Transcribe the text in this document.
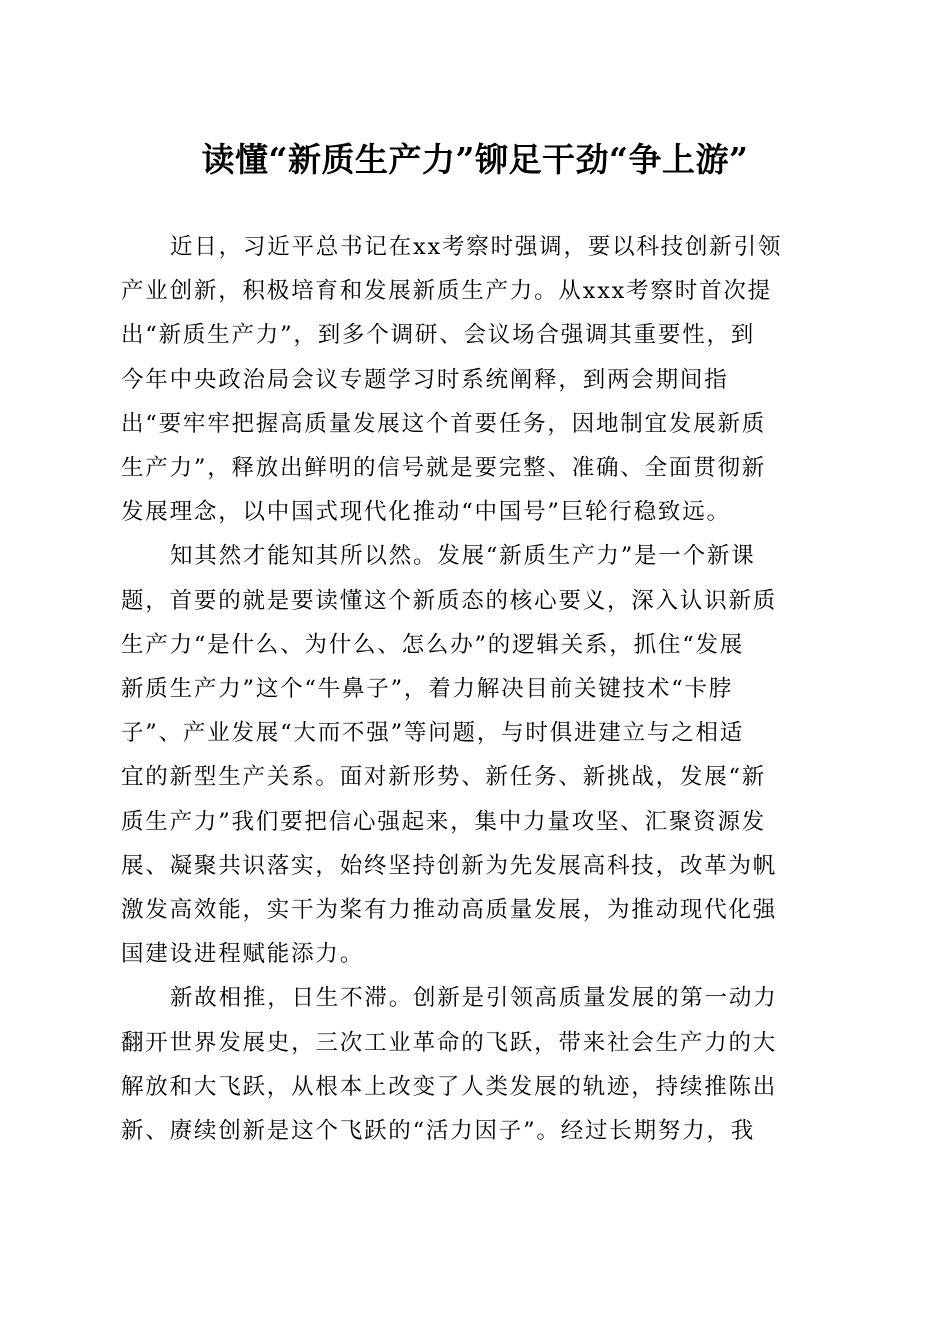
读懂“新质生产力”铆足干劲“争上游”

近日，习近平总书记在xx考察时强调，要以科技创新引领
产业创新，积极培育和发展新质生产力。从xxx考察时首次提
出“新质生产力”，到多个调研、会议场合强调其重要性，到
今年中央政治局会议专题学习时系统阐释，到两会期间指
出“要牢牢把握高质量发展这个首要任务，因地制宜发展新质
生产力”，释放出鲜明的信号就是要完整、准确、全面贯彻新
发展理念，以中国式现代化推动“中国号”巨轮行稳致远。

知其然才能知其所以然。发展“新质生产力”是一个新课
题，首要的就是要读懂这个新质态的核心要义，深入认识新质
生产力“是什么、为什么、怎么办”的逻辑关系，抓住“发展
新质生产力”这个“牛鼻子”，着力解决目前关键技术“卡脖
子”、产业发展“大而不强”等问题，与时俱进建立与之相适
宜的新型生产关系。面对新形势、新任务、新挑战，发展“新
质生产力”我们要把信心强起来，集中力量攻坚、汇聚资源发
展、凝聚共识落实，始终坚持创新为先发展高科技，改革为帆
激发高效能，实干为桨有力推动高质量发展，为推动现代化强
国建设进程赋能添力。

新故相推，日生不滞。创新是引领高质量发展的第一动力
翻开世界发展史，三次工业革命的飞跃，带来社会生产力的大
解放和大飞跃，从根本上改变了人类发展的轨迹，持续推陈出
新、赓续创新是这个飞跃的“活力因子”。经过长期努力，我
